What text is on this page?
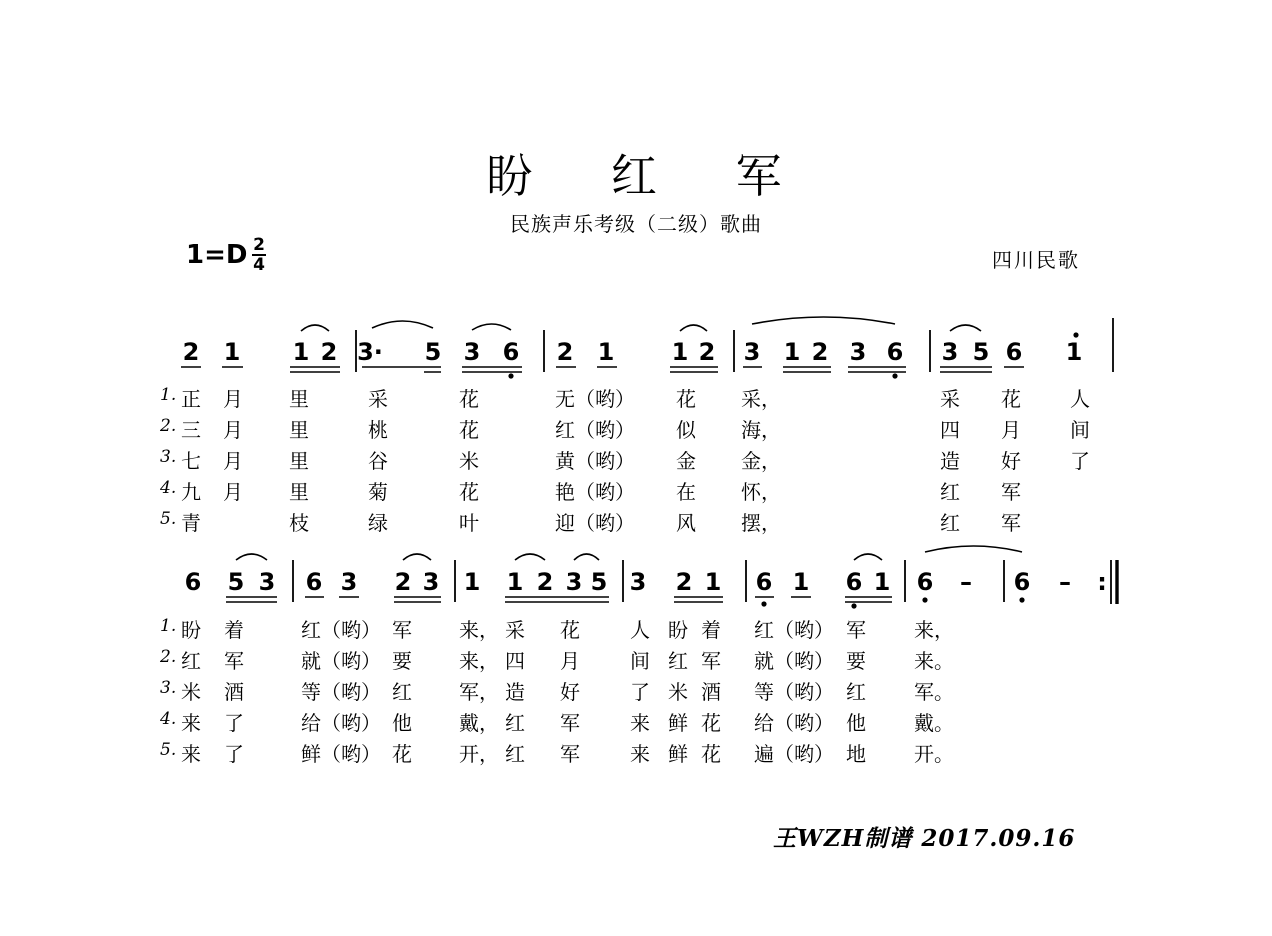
盼 红 军
民族声乐考级（二级）歌曲
1=D 2
4	四川民歌
2 1 1 2 3· 5 3 6 2 1 1 2 3 1 2 3 6 3 5 6 1
6 5 3 6 3 2 3 1 1 2 3 5 3 2 1 6 1 6 1 6 – 6 – :
1. 正 月 里	采	花	无（哟） 花 采，	采 花 人
2. 三 月 里	桃	花	红（哟） 似 海，	四 月 间
3. 七 月 里	谷	米	黄（哟） 金 金，	造 好 了
4. 九 月 里	菊	花	艳（哟） 在 怀，	红 军
5. 青	枝	绿	叶	迎（哟） 风 摆，	红 军
1. 盼 着	红（哟） 军 来， 采 花	人 盼 着 红（哟） 军 来，
2. 红 军	就（哟） 要 来， 四 月	间 红 军 就（哟） 要 来。
3. 米 酒	等（哟） 红 军， 造 好	了 米 酒 等（哟） 红 军。
4. 来 了	给（哟） 他 戴， 红 军	来 鲜 花 给（哟） 他 戴。
5. 来 了	鲜（哟） 花 开， 红 军	来 鲜 花 遍（哟） 地 开。
王WZH制谱 2017.09.16
